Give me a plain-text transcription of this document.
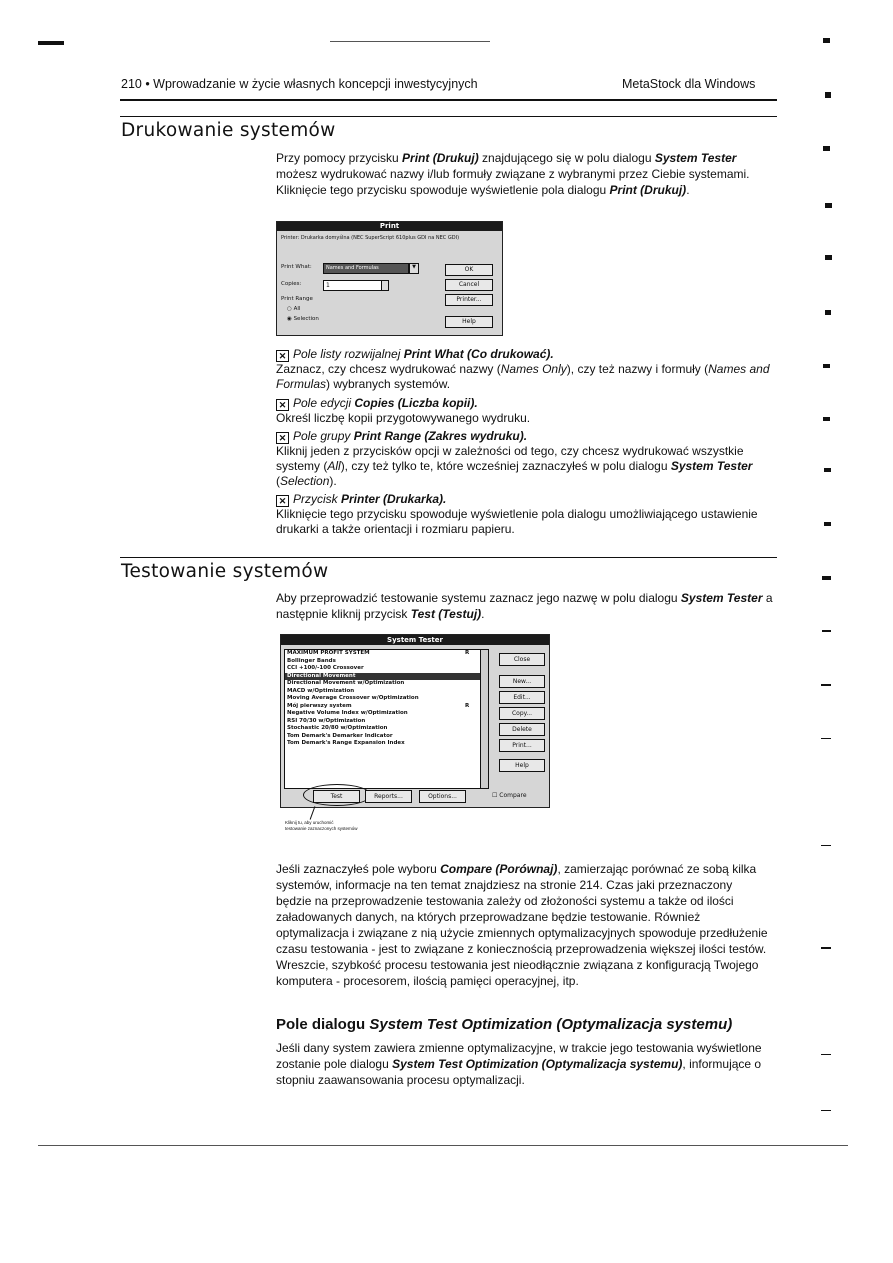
210 • Wprowadzanie w życie własnych koncepcji inwestycyjnych	MetaStock dla Windows
Drukowanie systemów
Przy pomocy przycisku Print (Drukuj) znajdującego się w polu dialogu System Tester możesz wydrukować nazwy i/lub formuły związane z wybranymi przez Ciebie systemami. Kliknięcie tego przycisku spowoduje wyświetlenie pola dialogu Print (Drukuj).
Print
Printer: Drukarka domyślna (NEC SuperScript 610plus GDI na NEC GDI)
Print What:	Names and Formulas	▼
Copies:	1
Print Range
○ All
◉ Selection
OK
Cancel
Printer...
Help
✕ Pole listy rozwijalnej Print What (Co drukować).
Zaznacz, czy chcesz wydrukować nazwy (Names Only), czy też nazwy i formuły (Names and Formulas) wybranych systemów.
✕ Pole edycji Copies (Liczba kopii).
Określ liczbę kopii przygotowywanego wydruku.
✕ Pole grupy Print Range (Zakres wydruku).
Kliknij jeden z przycisków opcji w zależności od tego, czy chcesz wydrukować wszystkie systemy (All), czy też tylko te, które wcześniej zaznaczyłeś w polu dialogu System Tester (Selection).
✕ Przycisk Printer (Drukarka).
Kliknięcie tego przycisku spowoduje wyświetlenie pola dialogu umożliwiającego ustawienie drukarki a także orientacji i rozmiaru papieru.
Testowanie systemów
Aby przeprowadzić testowanie systemu zaznacz jego nazwę w polu dialogu System Tester a następnie kliknij przycisk Test (Testuj).
System Tester
MAXIMUM PROFIT SYSTEM	R
Bollinger Bands
CCI +100/-100 Crossover
Directional Movement
Directional Movement w/Optimization
MACD w/Optimization
Moving Average Crossover w/Optimization
Mój pierwszy system	R
Negative Volume Index w/Optimization
RSI 70/30 w/Optimization
Stochastic 20/80 w/Optimization
Tom Demark's Demarker Indicator
Tom Demark's Range Expansion Index
Close
New...
Edit...
Copy...
Delete
Print...
Help
Test	Reports...	Options...	☐ Compare
Kliknij tu, aby uruchomić
testowanie zaznaczonych systemów
Jeśli zaznaczyłeś pole wyboru Compare (Porównaj), zamierzając porównać ze sobą kilka systemów, informacje na ten temat znajdziesz na stronie 214. Czas jaki przeznaczony będzie na przeprowadzenie testowania zależy od złożoności systemu a także od ilości załadowanych danych, na których przeprowadzane będzie testowanie. Również optymalizacja i związane z nią użycie zmiennych optymalizacyjnych spowoduje przedłużenie czasu testowania - jest to związane z koniecznością przeprowadzenia większej ilości testów. Wreszcie, szybkość procesu testowania jest nieodłącznie związana z konfiguracją Twojego komputera - procesorem, ilością pamięci operacyjnej, itp.
Pole dialogu System Test Optimization (Optymalizacja systemu)
Jeśli dany system zawiera zmienne optymalizacyjne, w trakcie jego testowania wyświetlone zostanie pole dialogu System Test Optimization (Optymalizacja systemu), informujące o stopniu zaawansowania procesu optymalizacji.
